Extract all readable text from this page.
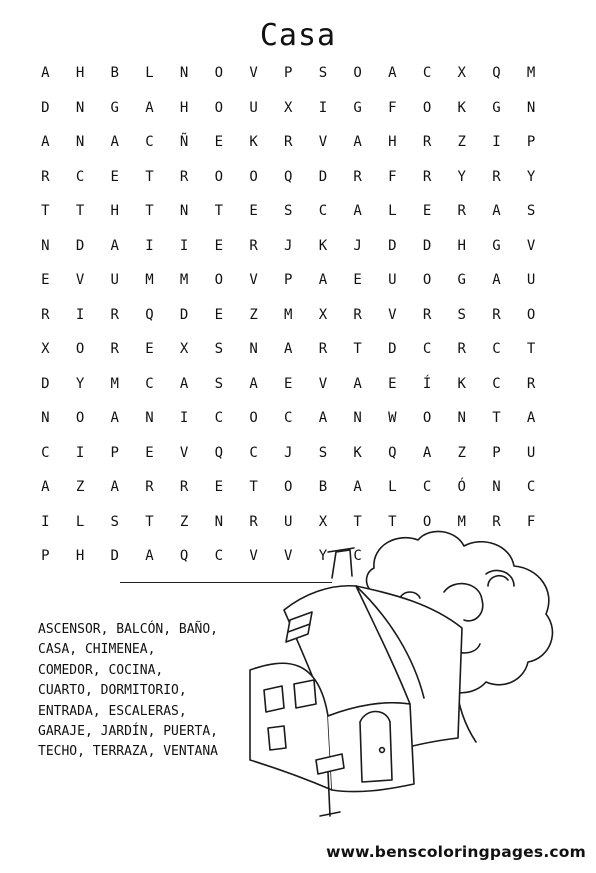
Casa
A	H	B	L	N	O	V	P	S	O	A	C	X	Q	M
D	N	G	A	H	O	U	X	I	G	F	O	K	G	N
A	N	A	C	Ñ	E	K	R	V	A	H	R	Z	I	P
R	C	E	T	R	O	O	Q	D	R	F	R	Y	R	Y
T	T	H	T	N	T	E	S	C	A	L	E	R	A	S
N	D	A	I	I	E	R	J	K	J	D	D	H	G	V
E	V	U	M	M	O	V	P	A	E	U	O	G	A	U
R	I	R	Q	D	E	Z	M	X	R	V	R	S	R	O
X	O	R	E	X	S	N	A	R	T	D	C	R	C	T
D	Y	M	C	A	S	A	E	V	A	E	Í	K	C	R
N	O	A	N	I	C	O	C	A	N	W	O	N	T	A
C	I	P	E	V	Q	C	J	S	K	Q	A	Z	P	U
A	Z	A	R	R	E	T	O	B	A	L	C	Ó	N	C
I	L	S	T	Z	N	R	U	X	T	T	O	M	R	F
P	H	D	A	Q	C	V	V	Y	C
ASCENSOR, BALCÓN, BAÑO,
CASA, CHIMENEA,
COMEDOR, COCINA,
CUARTO, DORMITORIO,
ENTRADA, ESCALERAS,
GARAJE, JARDÍN, PUERTA,
TECHO, TERRAZA, VENTANA
www.benscoloringpages.com
